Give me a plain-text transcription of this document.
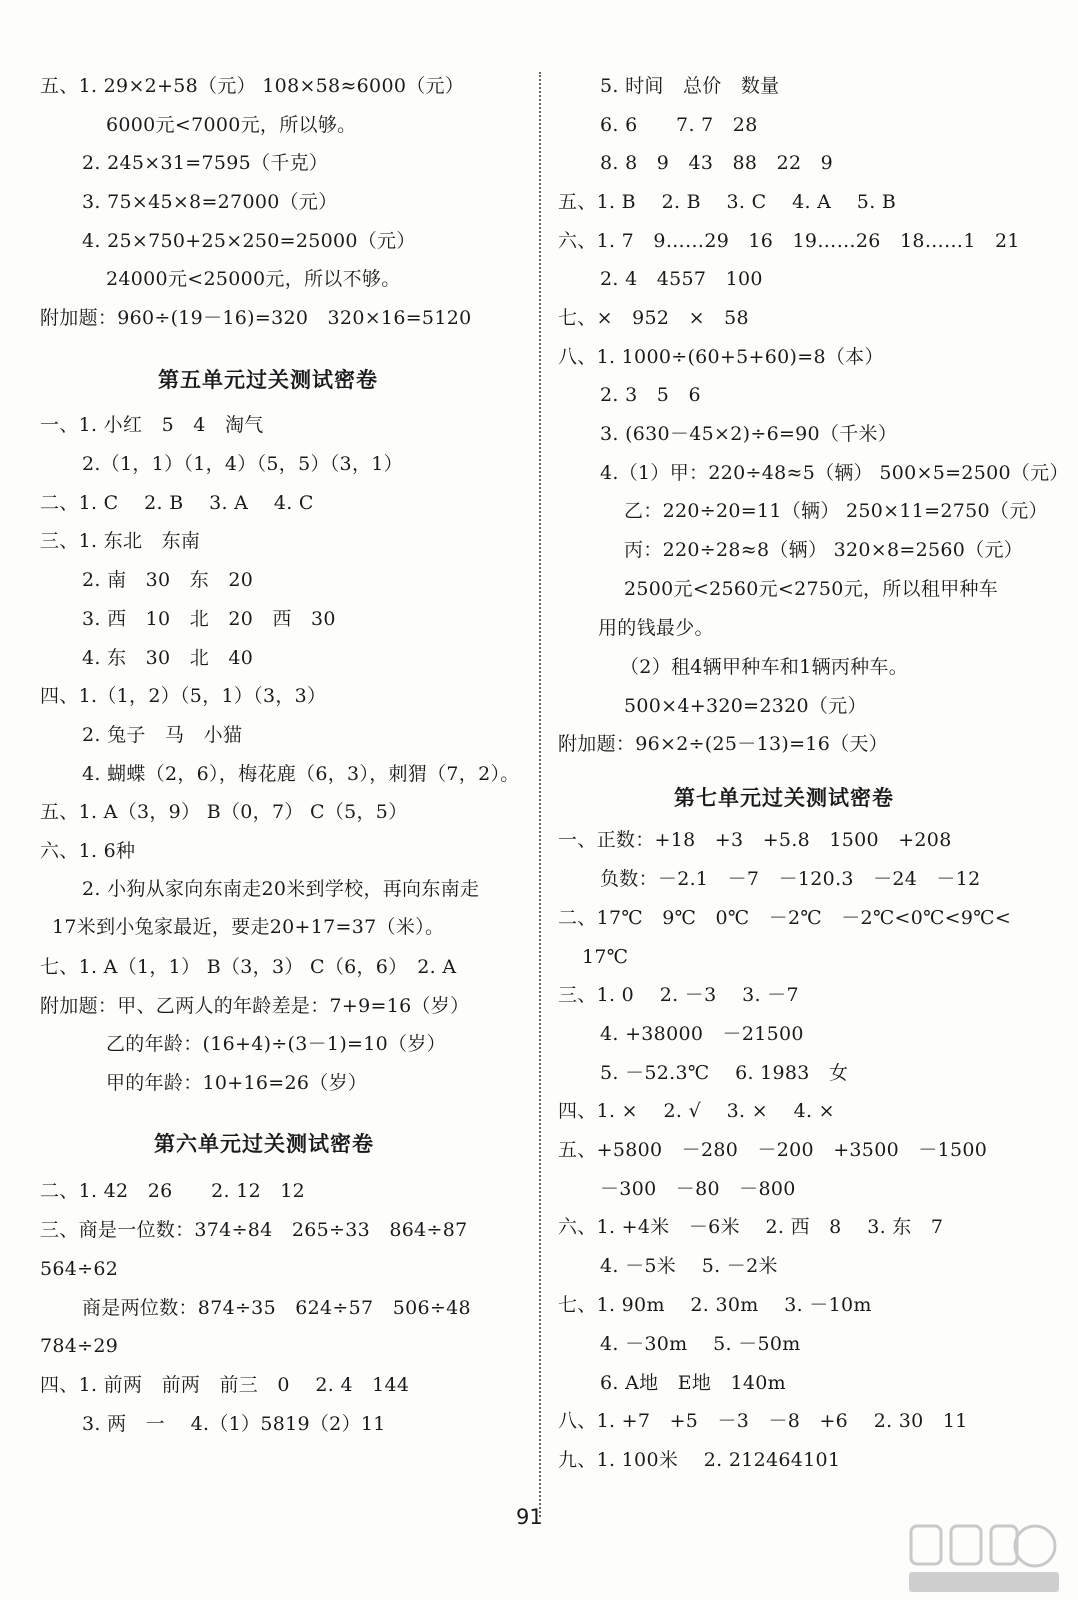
五、1. 29×2+58（元） 108×58≈6000（元）
6000元<7000元，所以够。
2. 245×31=7595（千克）
3. 75×45×8=27000（元）
4. 25×750+25×250=25000（元）
24000元<25000元，所以不够。
附加题：960÷(19－16)=320　320×16=5120
第五单元过关测试密卷
一、1. 小红　5　4　淘气
2.（1，1）（1，4）（5，5）（3，1）
二、1. C　 2. B　 3. A　 4. C
三、1. 东北　东南
2. 南　30　东　20
3. 西　10　北　20　西　30
4. 东　30　北　40
四、1.（1，2）（5，1）（3，3）
2. 兔子　马　小猫
4. 蝴蝶（2，6），梅花鹿（6，3），刺猬（7，2）。
五、1. A（3，9） B（0，7） C（5，5）
六、1. 6种
2. 小狗从家向东南走20米到学校，再向东南走
17米到小兔家最近，要走20+17=37（米）。
七、1. A（1，1） B（3，3） C（6，6）　2. A
附加题：甲、乙两人的年龄差是：7+9=16（岁）
乙的年龄：(16+4)÷(3－1)=10（岁）
甲的年龄：10+16=26（岁）
第六单元过关测试密卷
二、1. 42　26　　2. 12　12
三、商是一位数：374÷84　265÷33　864÷87
564÷62
商是两位数：874÷35　624÷57　506÷48
784÷29
四、1. 前两　前两　前三　0　 2. 4　144
3. 两　一　 4.（1）5819（2）11
5. 时间　总价　数量
6. 6　　7. 7　28
8. 8　9　43　88　22　9
五、1. B　 2. B　 3. C　 4. A　 5. B
六、1. 7　9……29　16　19……26　18……1　21
2. 4　4557　100
七、×　952　×　58
八、1. 1000÷(60+5+60)=8（本）
2. 3　5　6
3. (630－45×2)÷6=90（千米）
4.（1）甲：220÷48≈5（辆） 500×5=2500（元）
乙：220÷20=11（辆） 250×11=2750（元）
丙：220÷28≈8（辆） 320×8=2560（元）
2500元<2560元<2750元，所以租甲种车
用的钱最少。
（2）租4辆甲种车和1辆丙种车。
500×4+320=2320（元）
附加题：96×2÷(25－13)=16（天）
第七单元过关测试密卷
一、正数：+18　+3　+5.8　1500　+208
负数：－2.1　－7　－120.3　－24　－12
二、17℃　9℃　0℃　－2℃　－2℃<0℃<9℃<
17℃
三、1. 0　 2. －3　 3. －7
4. +38000　－21500
5. －52.3℃　 6. 1983　女
四、1. ×　 2. √　 3. ×　 4. ×
五、+5800　－280　－200　+3500　－1500
－300　－80　－800
六、1. +4米　－6米　 2. 西　8　 3. 东　7
4. －5米　 5. －2米
七、1. 90m　 2. 30m　 3. －10m
4. －30m　 5. －50m
6. A地　E地　140m
八、1. +7　+5　－3　－8　+6　 2. 30　11
九、1. 100米　 2. 212464101
91
